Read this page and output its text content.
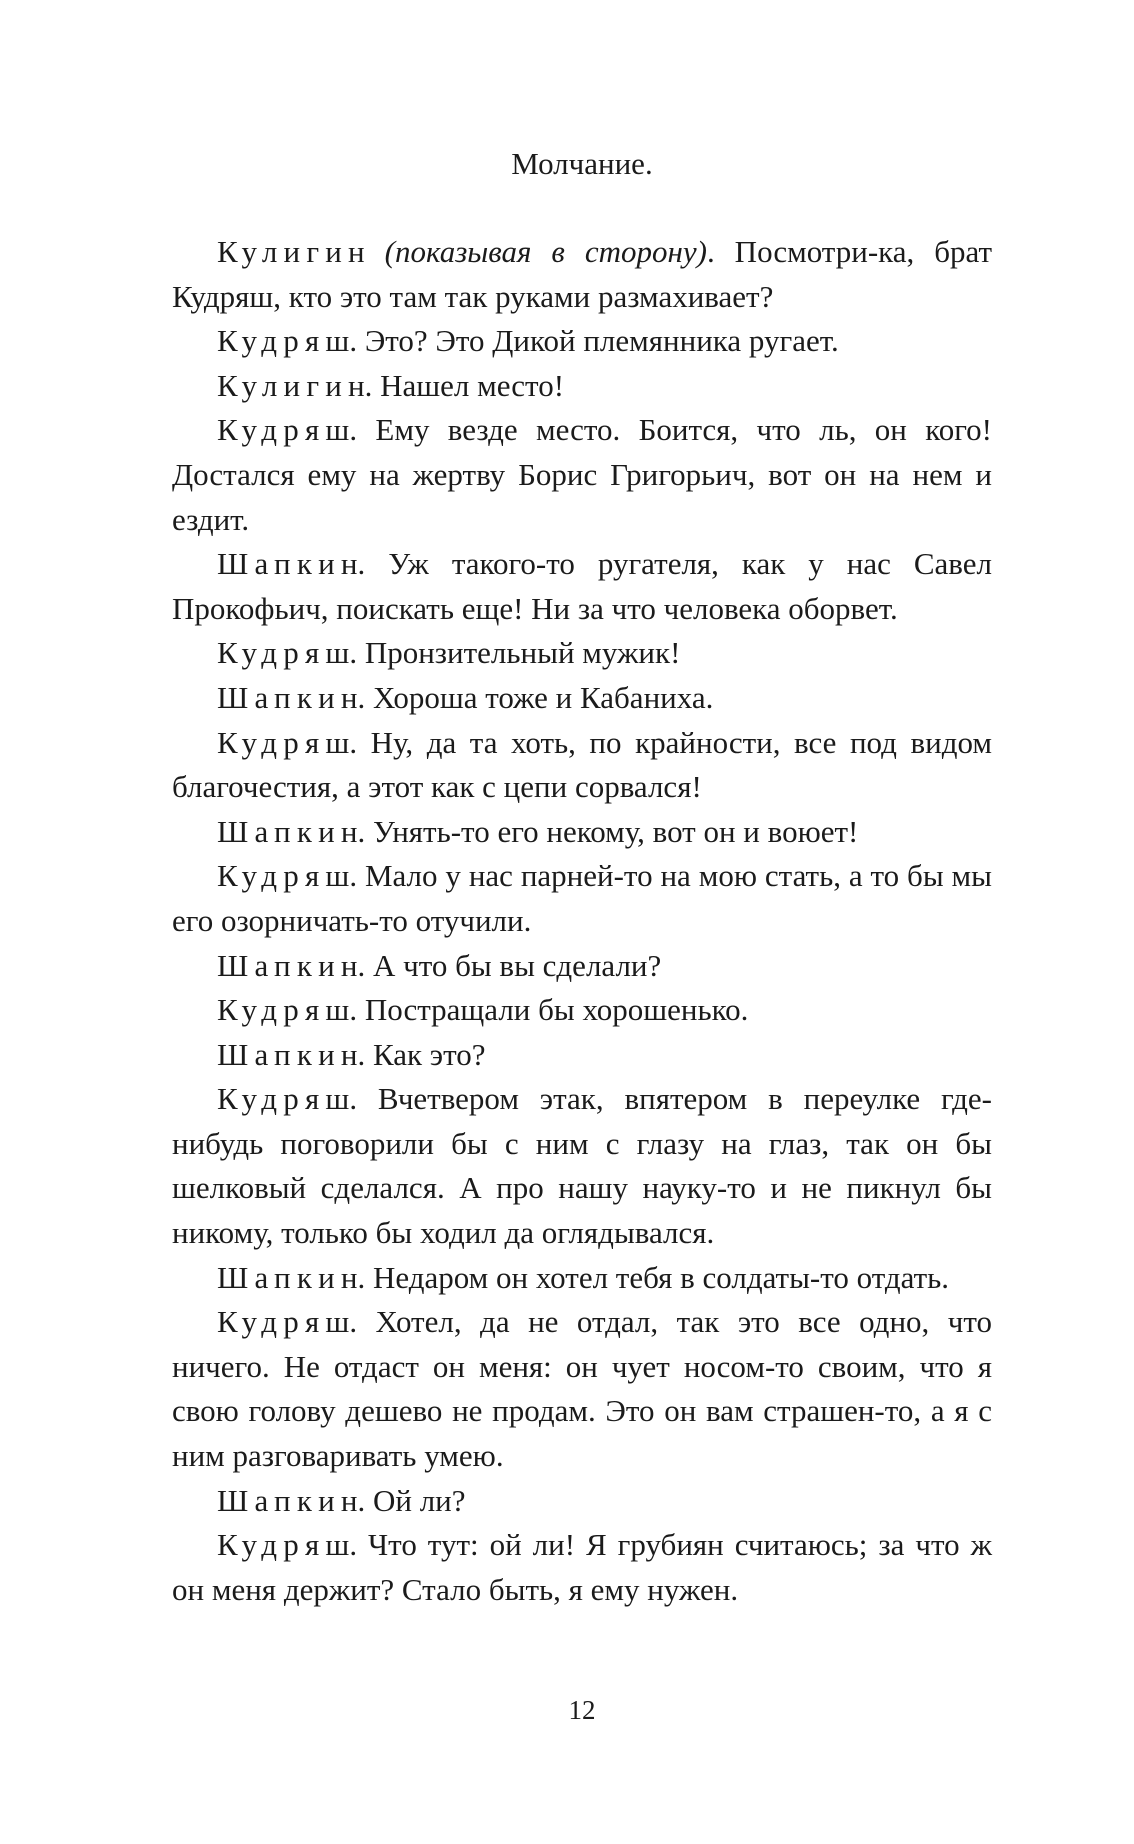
Молчание.

Кулигин (показывая в сторону). Посмотри-ка, брат Кудряш, кто это там так руками размахивает?

Кудряш. Это? Это Дикой племянника ругает.

Кулигин. Нашел место!

Кудряш. Ему везде место. Боится, что ль, он кого! Достался ему на жертву Борис Григорьич, вот он на нем и ездит.

Шапкин. Уж такого-то ругателя, как у нас Савел Прокофьич, поискать еще! Ни за что человека оборвет.

Кудряш. Пронзительный мужик!

Шапкин. Хороша тоже и Кабаниха.

Кудряш. Ну, да та хоть, по крайности, все под видом благочестия, а этот как с цепи сорвался!

Шапкин. Унять-то его некому, вот он и воюет!

Кудряш. Мало у нас парней-то на мою стать, а то бы мы его озорничать-то отучили.

Шапкин. А что бы вы сделали?

Кудряш. Постращали бы хорошенько.

Шапкин. Как это?

Кудряш. Вчетвером этак, впятером в переулке где-нибудь поговорили бы с ним с глазу на глаз, так он бы шелковый сделался. А про нашу науку-то и не пикнул бы никому, только бы ходил да оглядывался.

Шапкин. Недаром он хотел тебя в солдаты-то отдать.

Кудряш. Хотел, да не отдал, так это все одно, что ничего. Не отдаст он меня: он чует носом-то своим, что я свою голову дешево не продам. Это он вам страшен-то, а я с ним разговаривать умею.

Шапкин. Ой ли?

Кудряш. Что тут: ой ли! Я грубиян считаюсь; за что ж он меня держит? Стало быть, я ему нужен.

12
